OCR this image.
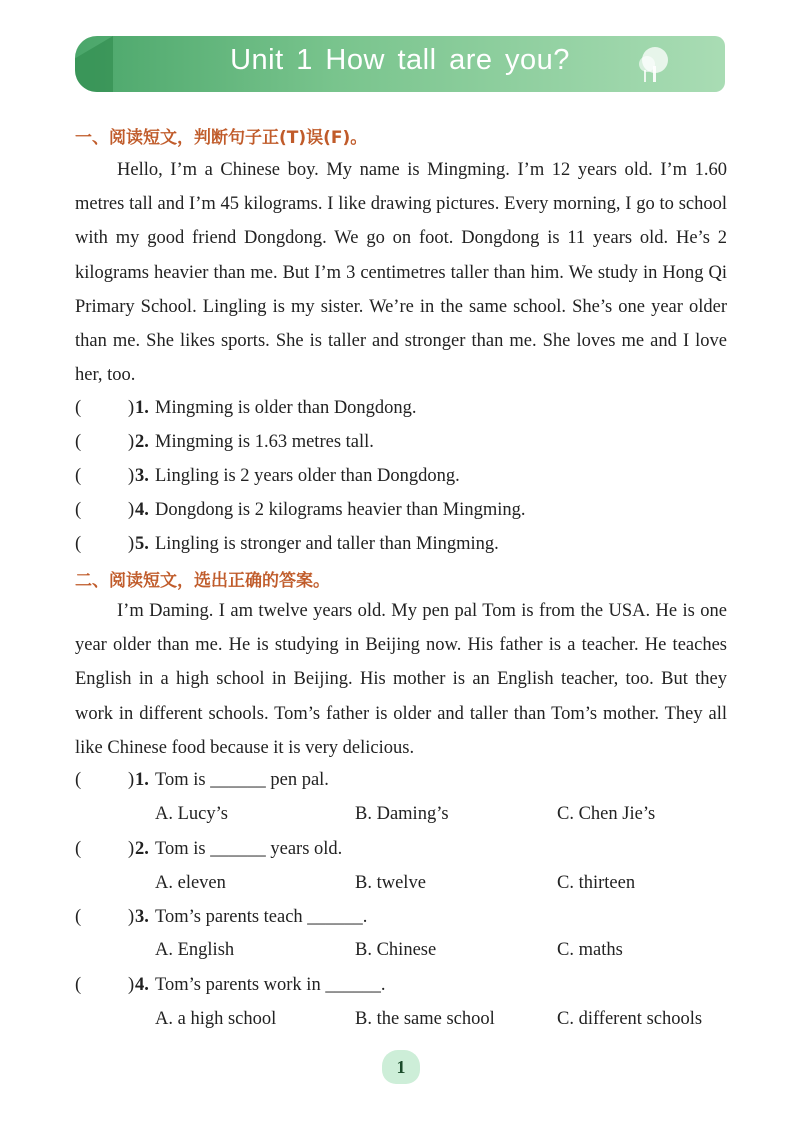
Unit 1 How tall are you?
一、阅读短文，判断句子正(T)误(F)。

Hello, I’m a Chinese boy. My name is Mingming. I’m 12 years old. I’m 1.60 metres tall and I’m 45 kilograms. I like drawing pictures. Every morning, I go to school with my good friend Dongdong. We go on foot. Dongdong is 11 years old. He’s 2 kilograms heavier than me. But I’m 3 centimetres taller than him. We study in Hong Qi Primary School. Lingling is my sister. We’re in the same school. She’s one year older than me. She likes sports. She is taller and stronger than me. She loves me and I love her, too.

(	) 1. Mingming is older than Dongdong.
(	) 2. Mingming is 1.63 metres tall.
(	) 3. Lingling is 2 years older than Dongdong.
(	) 4. Dongdong is 2 kilograms heavier than Mingming.
(	) 5. Lingling is stronger and taller than Mingming.
二、阅读短文，选出正确的答案。

I’m Daming. I am twelve years old. My pen pal Tom is from the USA. He is one year older than me. He is studying in Beijing now. His father is a teacher. He teaches English in a high school in Beijing. His mother is an English teacher, too. But they work in different schools. Tom’s father is older and taller than Tom’s mother. They all like Chinese food because it is very delicious.

(	) 1. Tom is ______ pen pal.
A. Lucy’s	B. Daming’s	C. Chen Jie’s
(	) 2. Tom is ______ years old.
A. eleven	B. twelve	C. thirteen
(	) 3. Tom’s parents teach ______.
A. English	B. Chinese	C. maths
(	) 4. Tom’s parents work in ______.
A. a high school	B. the same school	C. different schools
1
